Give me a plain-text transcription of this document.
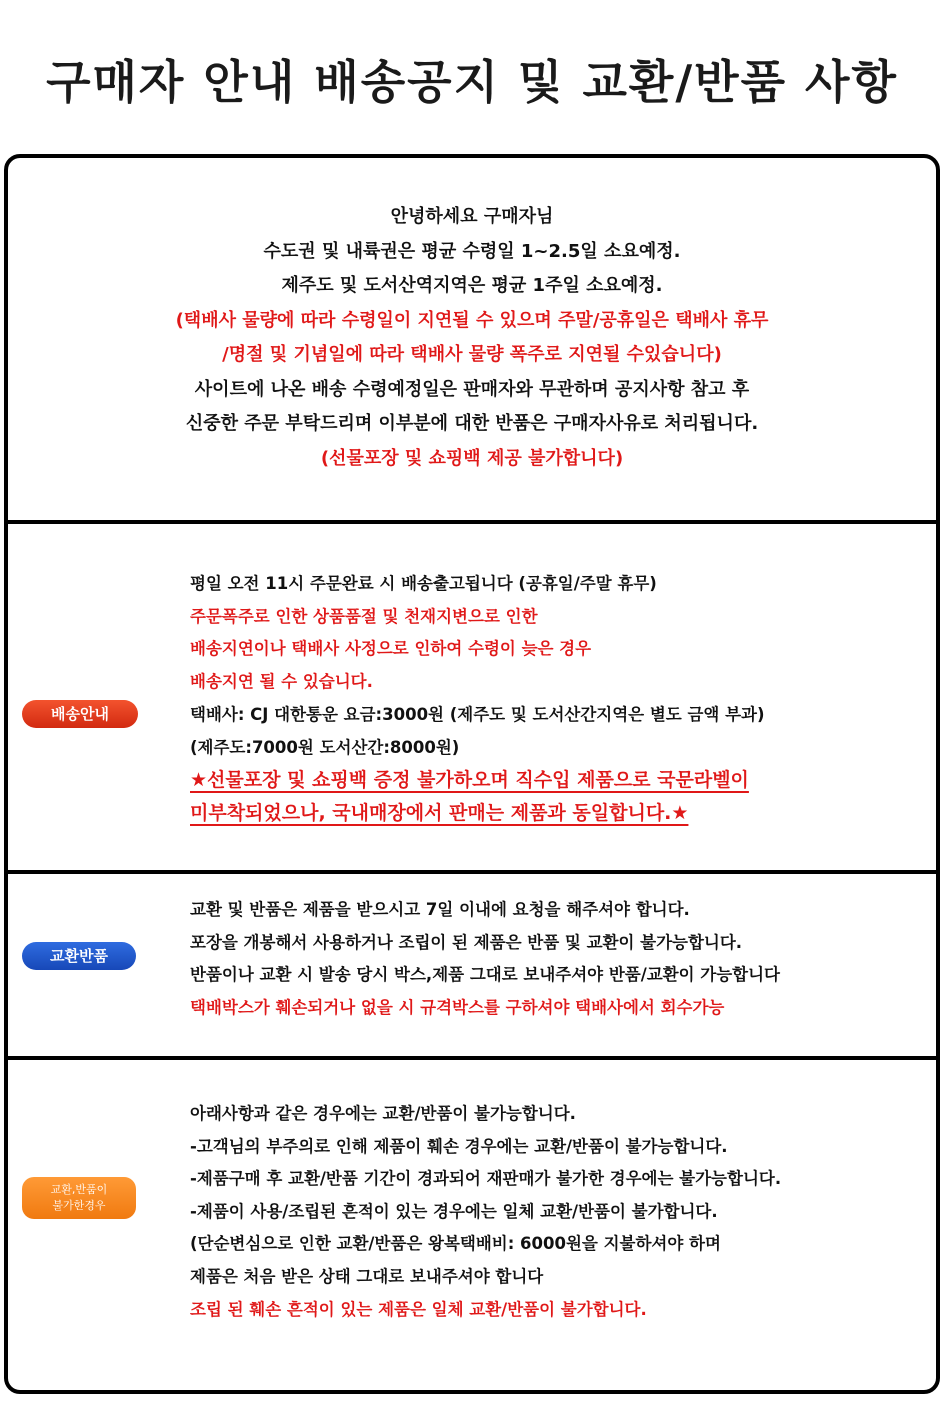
구매자 안내 배송공지 및 교환/반품 사항
안녕하세요 구매자님
수도권 및 내륙권은 평균 수령일 1~2.5일 소요예정.
제주도 및 도서산역지역은 평균 1주일 소요예정.
(택배사 물량에 따라 수령일이 지연될 수 있으며 주말/공휴일은 택배사 휴무
/명절 및 기념일에 따라 택배사 물량 폭주로 지연될 수있습니다)
사이트에 나온 배송 수령예정일은 판매자와 무관하며 공지사항 참고 후
신중한 주문 부탁드리며 이부분에 대한 반품은 구매자사유로 처리됩니다.
(선물포장 및 쇼핑백 제공 불가합니다)
배송안내
평일 오전 11시 주문완료 시 배송출고됩니다 (공휴일/주말 휴무)
주문폭주로 인한 상품품절 및 천재지변으로 인한
배송지연이나 택배사 사정으로 인하여 수령이 늦은 경우
배송지연 될 수 있습니다.
택배사: CJ 대한통운 요금:3000원 (제주도 및 도서산간지역은 별도 금액 부과)
(제주도:7000원 도서산간:8000원)
★선물포장 및 쇼핑백 증정 불가하오며 직수입 제품으로 국문라벨이
미부착되었으나, 국내매장에서 판매는 제품과 동일합니다.★
교환반품
교환 및 반품은 제품을 받으시고 7일 이내에 요청을 해주셔야 합니다.
포장을 개봉해서 사용하거나 조립이 된 제품은 반품 및 교환이 불가능합니다.
반품이나 교환 시 발송 당시 박스,제품 그대로 보내주셔야 반품/교환이 가능합니다
택배박스가 훼손되거나 없을 시 규격박스를 구하셔야 택배사에서 회수가능
교환,반품이
불가한경우
아래사항과 같은 경우에는 교환/반품이 불가능합니다.
-고객님의 부주의로 인해 제품이 훼손 경우에는 교환/반품이 불가능합니다.
-제품구매 후 교환/반품 기간이 경과되어 재판매가 불가한 경우에는 불가능합니다.
-제품이 사용/조립된 흔적이 있는 경우에는 일체 교환/반품이 불가합니다.
(단순변심으로 인한 교환/반품은 왕복택배비: 6000원을 지불하셔야 하며
제품은 처음 받은 상태 그대로 보내주셔야 합니다
조립 된 훼손 흔적이 있는 제품은 일체 교환/반품이 불가합니다.
